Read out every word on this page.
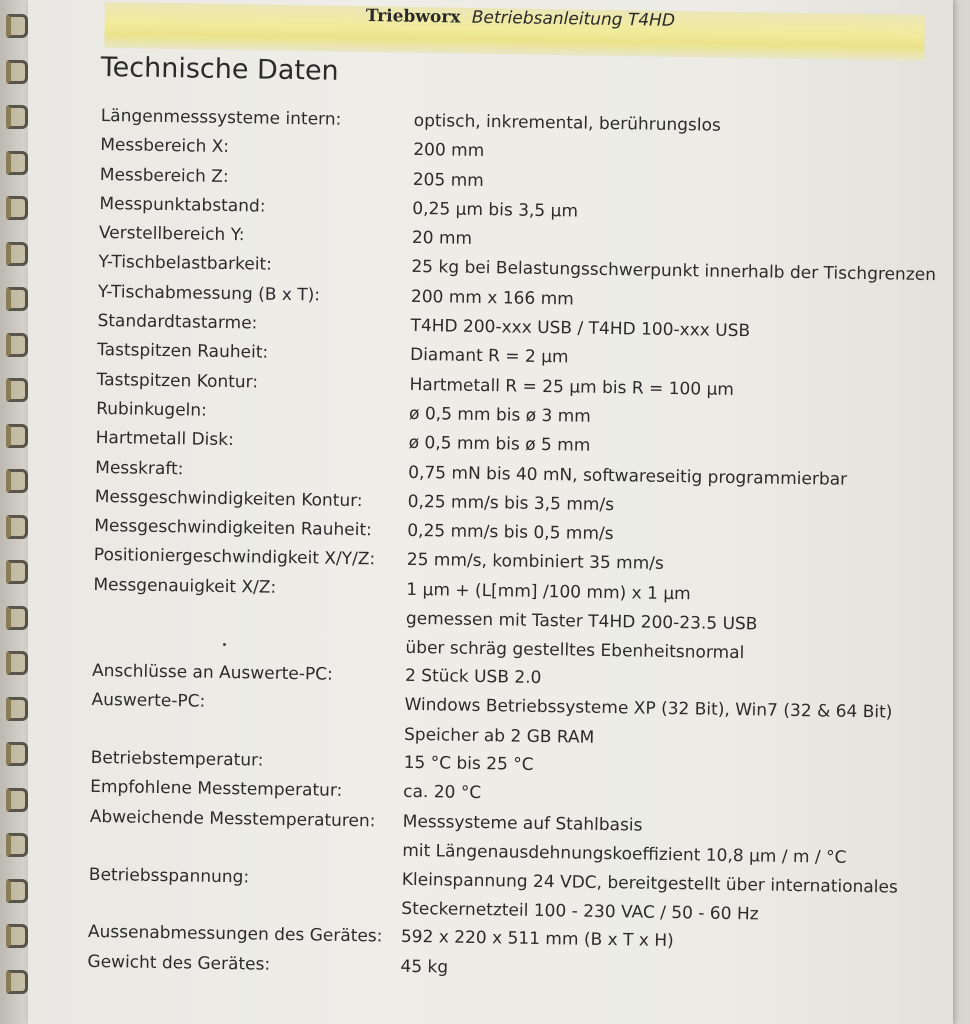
Triebworx Betriebsanleitung T4HD
Technische Daten
Längenmesssysteme intern:	optisch, inkremental, berührungslos
Messbereich X:	200 mm
Messbereich Z:	205 mm
Messpunktabstand:	0,25 µm bis 3,5 µm
Verstellbereich Y:	20 mm
Y-Tischbelastbarkeit:	25 kg bei Belastungsschwerpunkt innerhalb der Tischgrenzen
Y-Tischabmessung (B x T):	200 mm x 166 mm
Standardtastarme:	T4HD 200-xxx USB / T4HD 100-xxx USB
Tastspitzen Rauheit:	Diamant R = 2 µm
Tastspitzen Kontur:	Hartmetall R = 25 µm bis R = 100 µm
Rubinkugeln:	ø 0,5 mm bis ø 3 mm
Hartmetall Disk:	ø 0,5 mm bis ø 5 mm
Messkraft:	0,75 mN bis 40 mN, softwareseitig programmierbar
Messgeschwindigkeiten Kontur:	0,25 mm/s bis 3,5 mm/s
Messgeschwindigkeiten Rauheit: 0,25 mm/s bis 0,5 mm/s
Positioniergeschwindigkeit X/Y/Z: 25 mm/s, kombiniert 35 mm/s
Messgenauigkeit X/Z:	1 µm + (L[mm] /100 mm) x 1 µm
gemessen mit Taster T4HD 200-23.5 USB
über schräg gestelltes Ebenheitsnormal
Anschlüsse an Auswerte-PC:	2 Stück USB 2.0
Auswerte-PC:	Windows Betriebssysteme XP (32 Bit), Win7 (32 & 64 Bit)
Speicher ab 2 GB RAM
Betriebstemperatur:	15 °C bis 25 °C
Empfohlene Messtemperatur:	ca. 20 °C
Abweichende Messtemperaturen: Messsysteme auf Stahlbasis
mit Längenausdehnungskoeffizient 10,8 µm / m / °C
Betriebsspannung:	Kleinspannung 24 VDC, bereitgestellt über internationales
Steckernetzteil 100 - 230 VAC / 50 - 60 Hz
Aussenabmessungen des Gerätes: 592 x 220 x 511 mm (B x T x H)
Gewicht des Gerätes:	45 kg
